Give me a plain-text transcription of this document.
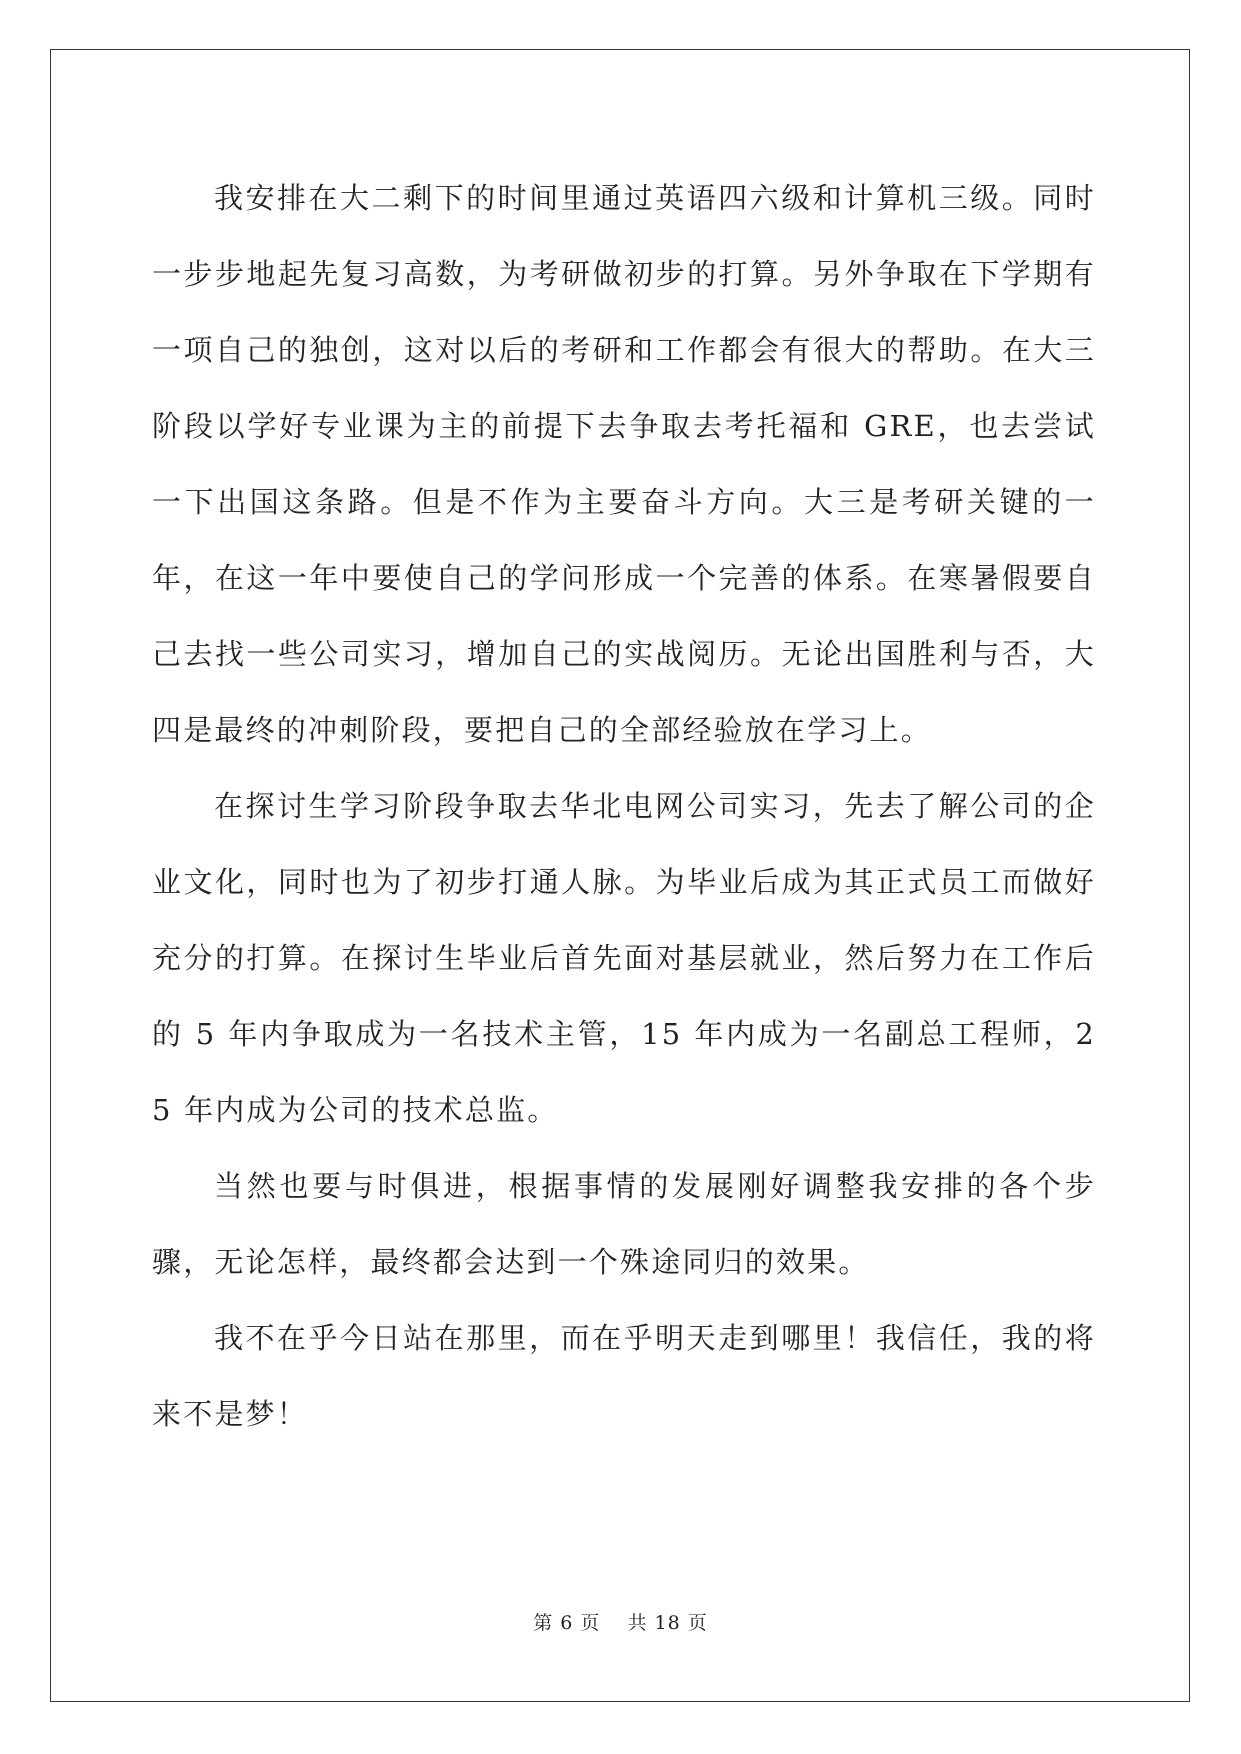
我安排在大二剩下的时间里通过英语四六级和计算机三级。同时一步步地起先复习高数，为考研做初步的打算。另外争取在下学期有一项自己的独创，这对以后的考研和工作都会有很大的帮助。在大三阶段以学好专业课为主的前提下去争取去考托福和 GRE，也去尝试一下出国这条路。但是不作为主要奋斗方向。大三是考研关键的一年，在这一年中要使自己的学问形成一个完善的体系。在寒暑假要自己去找一些公司实习，增加自己的实战阅历。无论出国胜利与否，大四是最终的冲刺阶段，要把自己的全部经验放在学习上。

在探讨生学习阶段争取去华北电网公司实习，先去了解公司的企业文化，同时也为了初步打通人脉。为毕业后成为其正式员工而做好充分的打算。在探讨生毕业后首先面对基层就业，然后努力在工作后的 5 年内争取成为一名技术主管，15 年内成为一名副总工程师，25 年内成为公司的技术总监。

当然也要与时俱进，根据事情的发展刚好调整我安排的各个步骤，无论怎样，最终都会达到一个殊途同归的效果。

我不在乎今日站在那里，而在乎明天走到哪里！我信任，我的将来不是梦！

第 6 页 共 18 页
